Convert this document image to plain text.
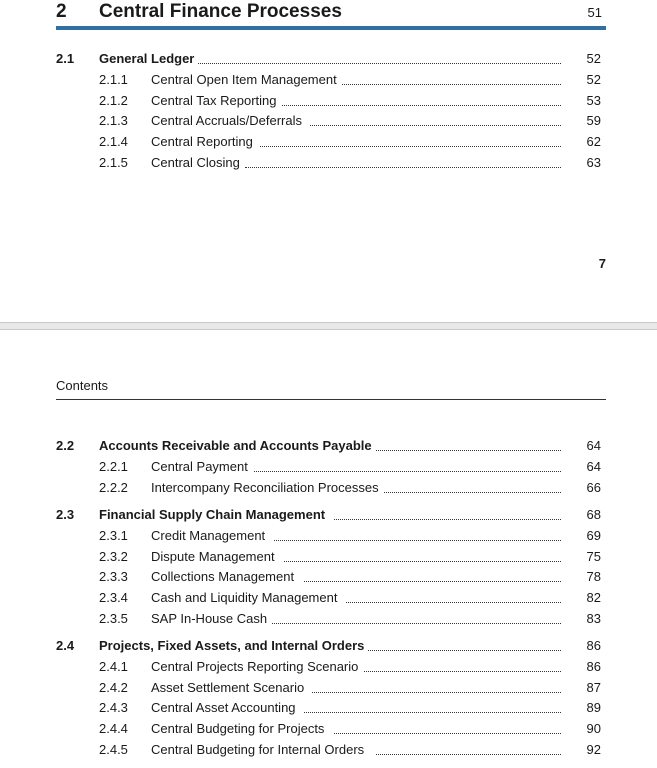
2 Central Finance Processes	51
2.1 General Ledger	52
2.1.1 Central Open Item Management	52
2.1.2 Central Tax Reporting	53
2.1.3 Central Accruals/Deferrals	59
2.1.4 Central Reporting	62
2.1.5 Central Closing	63
7
Contents
2.2 Accounts Receivable and Accounts Payable	64
2.2.1 Central Payment	64
2.2.2 Intercompany Reconciliation Processes	66
2.3 Financial Supply Chain Management	68
2.3.1 Credit Management	69
2.3.2 Dispute Management	75
2.3.3 Collections Management	78
2.3.4 Cash and Liquidity Management	82
2.3.5 SAP In-House Cash	83
2.4 Projects, Fixed Assets, and Internal Orders	86
2.4.1 Central Projects Reporting Scenario	86
2.4.2 Asset Settlement Scenario	87
2.4.3 Central Asset Accounting	89
2.4.4 Central Budgeting for Projects	90
2.4.5 Central Budgeting for Internal Orders	92
